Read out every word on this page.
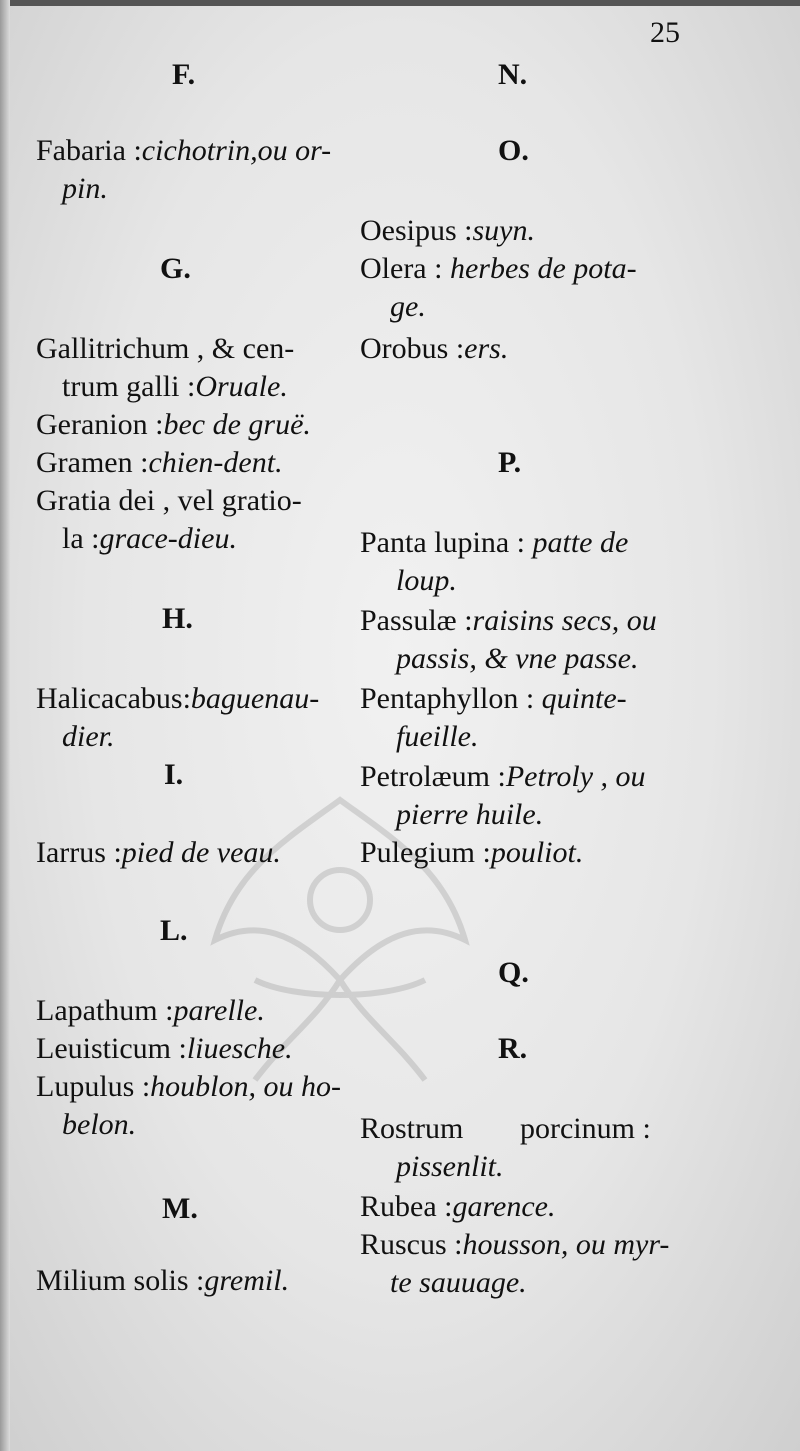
25
F.
Fabaria :cichotrin,ou or-
pin.
G.
Gallitrichum , & cen-
trum galli :Oruale.
Geranion :bec de gruë.
Gramen :chien-dent.
Gratia dei , vel gratio-
la :grace-dieu.
H.
Halicacabus:baguenau-
dier.
I.
Iarrus :pied de veau.
L.
Lapathum :parelle.
Leuisticum :liuesche.
Lupulus :houblon, ou ho-
belon.
M.
Milium solis :gremil.
N.
O.
Oesipus :suyn.
Olera : herbes de pota-
ge.
Orobus :ers.
P.
Panta lupina : patte de
loup.
Passulæ :raisins secs, ou
passis, & vne passe.
Pentaphyllon : quinte-
fueille.
Petrolæum :Petroly , ou
pierre huile.
Pulegium :pouliot.
Q.
R.
Rostrum porcinum :
pissenlit.
Rubea :garence.
Ruscus :housson, ou myr-
te sauuage.
